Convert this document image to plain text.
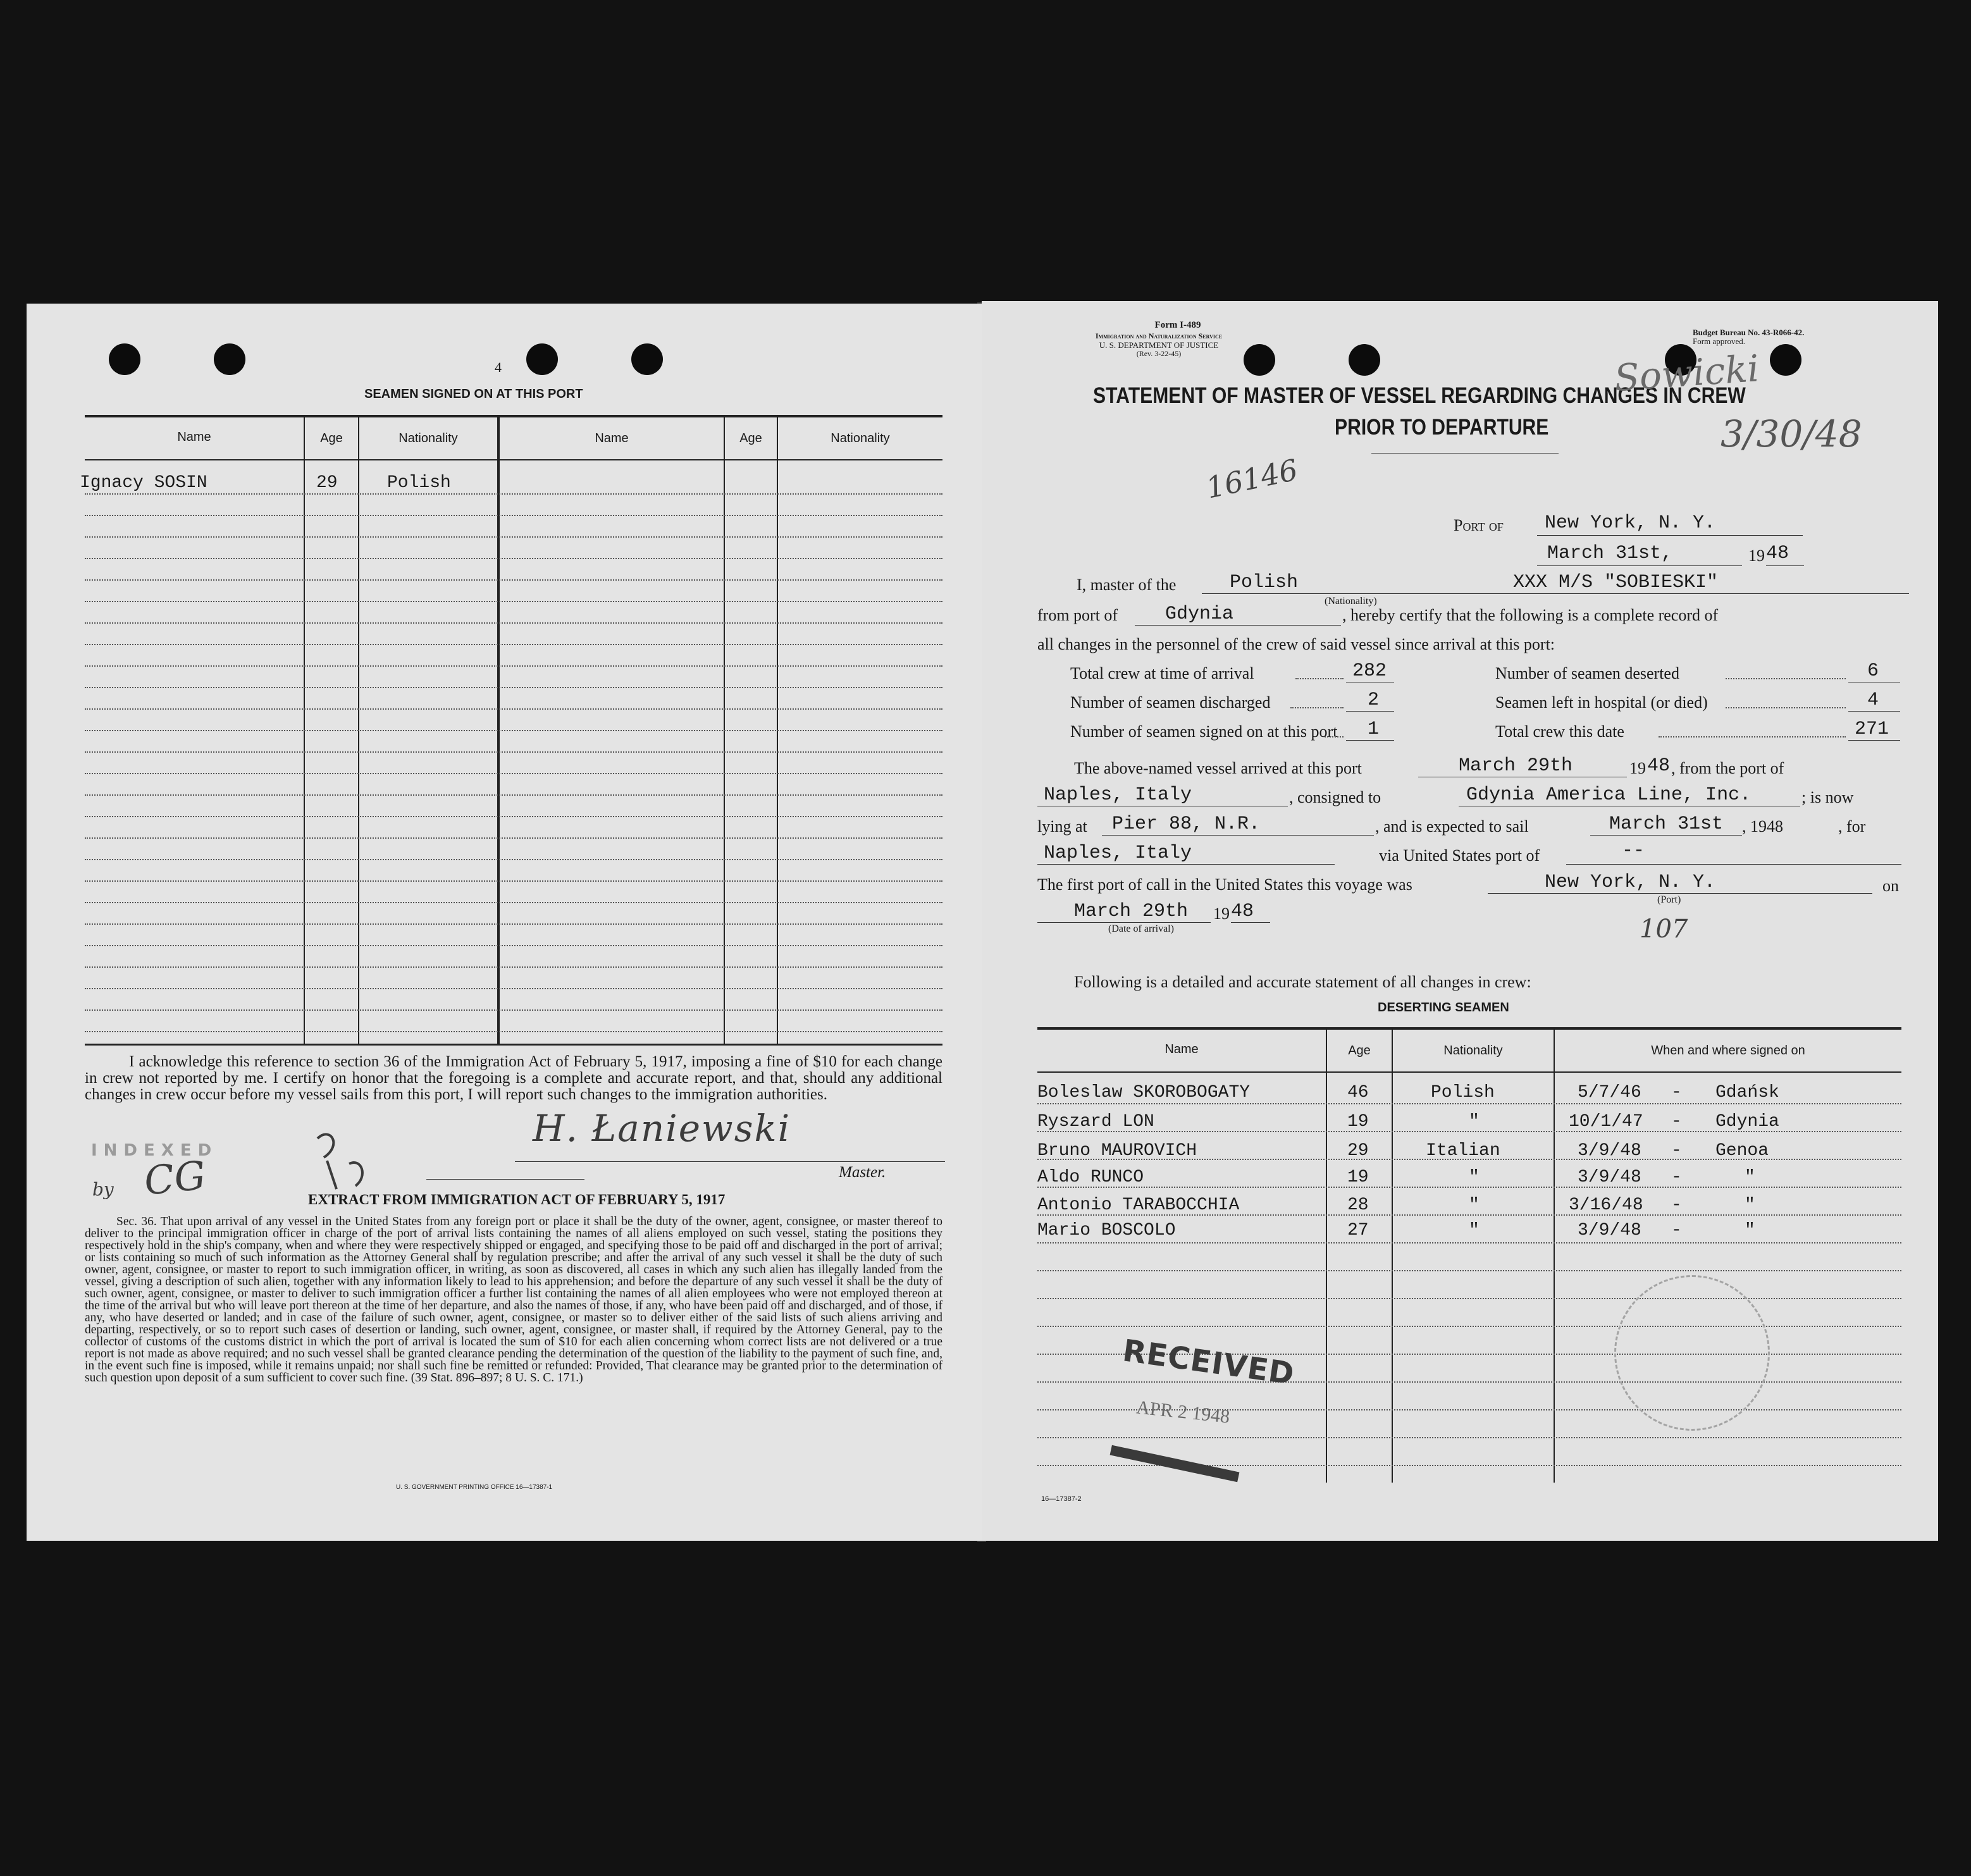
4
SEAMEN SIGNED ON AT THIS PORT
Name	Age	Nationality	Name	Age	Nationality
Ignacy SOSIN	29	Polish
I acknowledge this reference to section 36 of the Immigration Act of February 5, 1917, imposing a fine of $10 for each change in crew not reported by me. I certify on honor that the foregoing is a complete and accurate report, and that, should any additional changes in crew occur before my vessel sails from this port, I will report such changes to the immigration authorities.
INDEXED
by CG
H. Łaniewski
Master.
EXTRACT FROM IMMIGRATION ACT OF FEBRUARY 5, 1917
Sec. 36. That upon arrival of any vessel in the United States from any foreign port or place it shall be the duty of the owner, agent, consignee, or master thereof to deliver to the principal immigration officer in charge of the port of arrival lists containing the names of all aliens employed on such vessel, stating the positions they respectively hold in the ship's company, when and where they were respectively shipped or engaged, and specifying those to be paid off and discharged in the port of arrival; or lists containing so much of such information as the Attorney General shall by regulation prescribe; and after the arrival of any such vessel it shall be the duty of such owner, agent, consignee, or master to report to such immigration officer, in writing, as soon as discovered, all cases in which any such alien has illegally landed from the vessel, giving a description of such alien, together with any information likely to lead to his apprehension; and before the departure of any such vessel it shall be the duty of such owner, agent, consignee, or master to deliver to such immigration officer a further list containing the names of all alien employees who were not employed thereon at the time of the arrival but who will leave port thereon at the time of her departure, and also the names of those, if any, who have been paid off and discharged, and of those, if any, who have deserted or landed; and in case of the failure of such owner, agent, consignee, or master so to deliver either of the said lists of such aliens arriving and departing, respectively, or so to report such cases of desertion or landing, such owner, agent, consignee, or master shall, if required by the Attorney General, pay to the collector of customs of the customs district in which the port of arrival is located the sum of $10 for each alien concerning whom correct lists are not delivered or a true report is not made as above required; and no such vessel shall be granted clearance pending the determination of the question of the liability to the payment of such fine, and, in the event such fine is imposed, while it remains unpaid; nor shall such fine be remitted or refunded: Provided, That clearance may be granted prior to the determination of such question upon deposit of a sum sufficient to cover such fine. (39 Stat. 896–897; 8 U. S. C. 171.)
U. S. GOVERNMENT PRINTING OFFICE 16—17387-1
Form I-489
Immigration and Naturalization Service
U. S. DEPARTMENT OF JUSTICE
(Rev. 3-22-45)
Budget Bureau No. 43-R066-42.
Form approved.
STATEMENT OF MASTER OF VESSEL REGARDING CHANGES IN CREW
PRIOR TO DEPARTURE
Sowicki
3/30/48
16146
Port of New York, N. Y.
March 31st,	19 48
I, master of the	Polish
(Nationality)
XXX M/S "SOBIESKI"
from port of Gdynia	, hereby certify that the following is a complete record of
all changes in the personnel of the crew of said vessel since arrival at this port:
Total crew at time of arrival	282
Number of seamen discharged	2
Number of seamen signed on at this port 1
Number of seamen deserted	6
Seamen left in hospital (or died)	4
Total crew this date	271
The above-named vessel arrived at this port	March 29th	19 48 , from the port of
Naples, Italy	, consigned to	Gdynia America Line, Inc.	; is now
lying at Pier 88, N.R.	, and is expected to sail	March 31st , 1948	, for
Naples, Italy	via United States port of	--
The first port of call in the United States this voyage was	New York, N. Y.
(Port)
on
March 29th
(Date of arrival)
19 48
107
Following is a detailed and accurate statement of all changes in crew:
DESERTING SEAMEN
Name	Age	Nationality	When and where signed on
Boleslaw SKOROBOGATY	46	Polish	5/7/46 - Gdańsk
Ryszard LON	19	"	10/1/47 - Gdynia
Bruno MAUROVICH	29	Italian	3/9/48 - Genoa
Aldo RUNCO	19	"	3/9/48 -	"
Antonio TARABOCCHIA	28	"	3/16/48 -	"
Mario BOSCOLO	27	"	3/9/48 -	"
RECEIVED
APR 2 1948
16—17387-2
